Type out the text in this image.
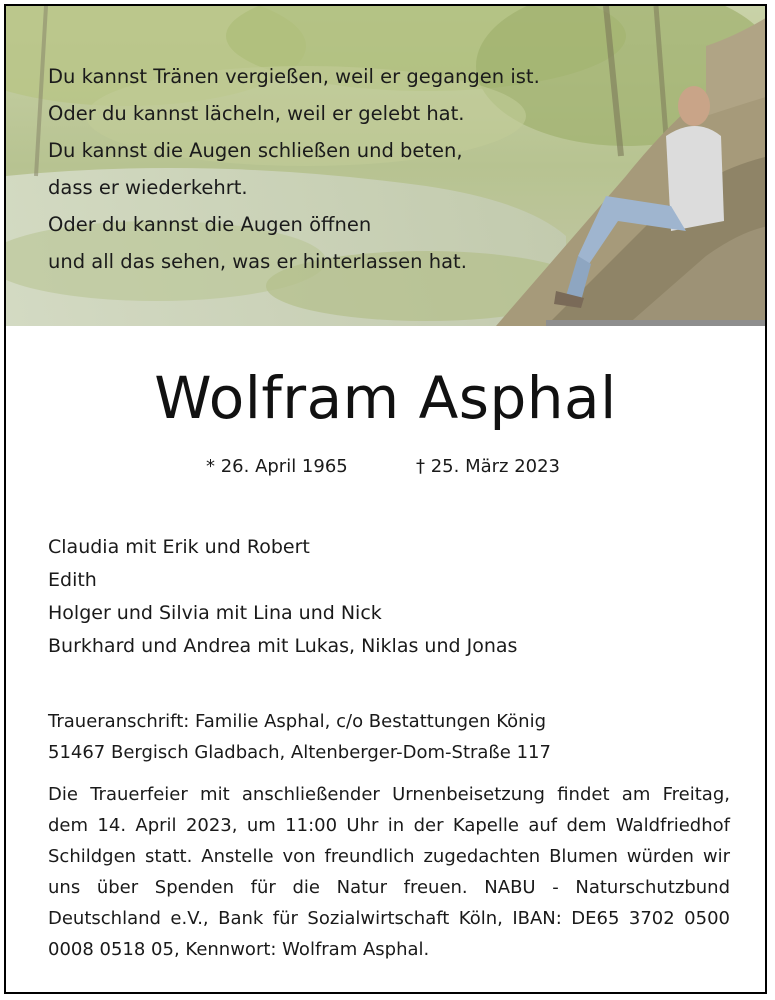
Du kannst Tränen vergießen, weil er gegangen ist.
Oder du kannst lächeln, weil er gelebt hat.
Du kannst die Augen schließen und beten,
dass er wiederkehrt.
Oder du kannst die Augen öffnen
und all das sehen, was er hinterlassen hat.
Wolfram Asphal
* 26. April 1965	† 25. März 2023
Claudia mit Erik und Robert
Edith
Holger und Silvia mit Lina und Nick
Burkhard und Andrea mit Lukas, Niklas und Jonas
Traueranschrift: Familie Asphal, c/o Bestattungen König
51467 Bergisch Gladbach, Altenberger-Dom-Straße 117
Die Trauerfeier mit anschließender Urnenbeisetzung findet am Freitag,
dem 14. April 2023, um 11:00 Uhr in der Kapelle auf dem Waldfriedhof
Schildgen statt. Anstelle von freundlich zugedachten Blumen würden wir
uns über Spenden für die Natur freuen. NABU - Naturschutzbund
Deutschland e.V., Bank für Sozialwirtschaft Köln, IBAN: DE65 3702 0500
0008 0518 05, Kennwort: Wolfram Asphal.
